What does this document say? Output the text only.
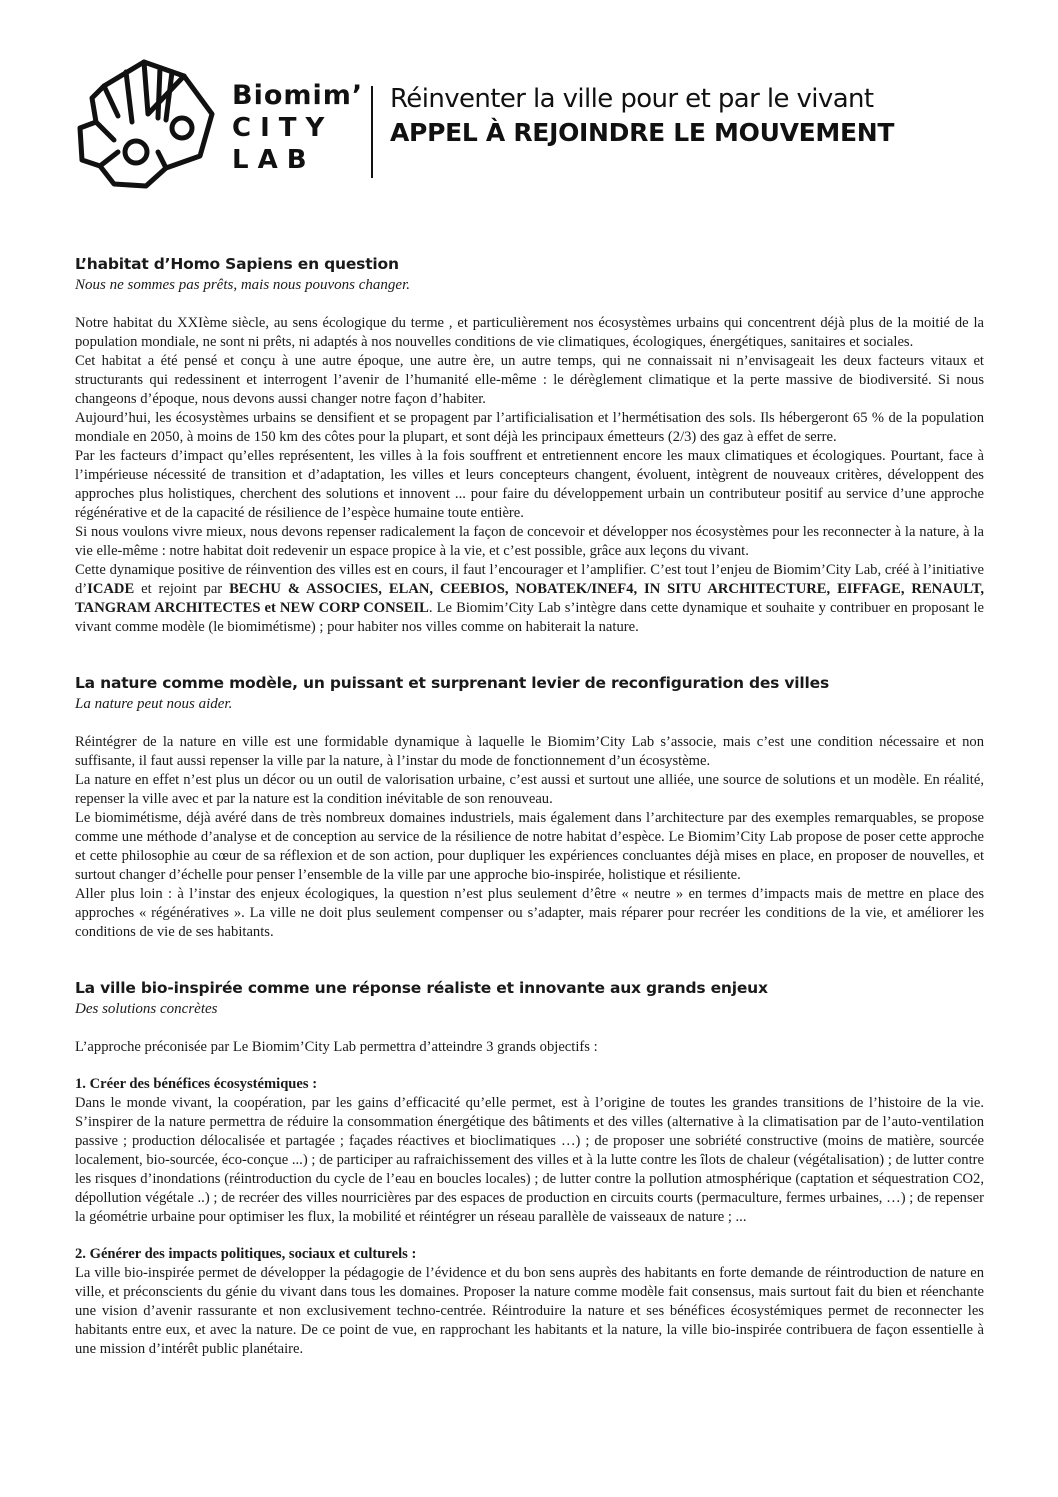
Biomim’
CITY
LAB
Réinventer la ville pour et par le vivant
APPEL À REJOINDRE LE MOUVEMENT
L’habitat d’Homo Sapiens en question

Nous ne sommes pas prêts, mais nous pouvons changer.

Notre habitat du XXIème siècle, au sens écologique du terme , et particulièrement nos écosystèmes urbains qui concentrent déjà plus de la moitié de la population mondiale, ne sont ni prêts, ni adaptés à nos nouvelles conditions de vie climatiques, écologiques, énergétiques, sanitaires et sociales.

Cet habitat a été pensé et conçu à une autre époque, une autre ère, un autre temps, qui ne connaissait ni n’envisageait les deux facteurs vitaux et structurants qui redessinent et interrogent l’avenir de l’humanité elle-même : le dérèglement climatique et la perte massive de biodiversité. Si nous changeons d’époque, nous devons aussi changer notre façon d’habiter.

Aujourd’hui, les écosystèmes urbains se densifient et se propagent par l’artificialisation et l’hermétisation des sols. Ils hébergeront 65 % de la population mondiale en 2050, à moins de 150 km des côtes pour la plupart, et sont déjà les principaux émetteurs (2/3) des gaz à effet de serre.

Par les facteurs d’impact qu’elles représentent, les villes à la fois souffrent et entretiennent encore les maux climatiques et écologiques. Pourtant, face à l’impérieuse nécessité de transition et d’adaptation, les villes et leurs concepteurs changent, évoluent, intègrent de nouveaux critères, développent des approches plus holistiques, cherchent des solutions et innovent ... pour faire du développement urbain un contributeur positif au service d’une approche régénérative et de la capacité de résilience de l’espèce humaine toute entière.

Si nous voulons vivre mieux, nous devons repenser radicalement la façon de concevoir et développer nos écosystèmes pour les reconnecter à la nature, à la vie elle-même : notre habitat doit redevenir un espace propice à la vie, et c’est possible, grâce aux leçons du vivant.

Cette dynamique positive de réinvention des villes est en cours, il faut l’encourager et l’amplifier. C’est tout l’enjeu de Biomim’City Lab, créé à l’initiative d’ICADE et rejoint par BECHU & ASSOCIES, ELAN, CEEBIOS, NOBATEK/INEF4, IN SITU ARCHITECTURE, EIFFAGE, RENAULT, TANGRAM ARCHITECTES et NEW CORP CONSEIL. Le Biomim’City Lab s’intègre dans cette dynamique et souhaite y contribuer en proposant le vivant comme modèle (le biomimétisme) ; pour habiter nos villes comme on habiterait la nature.

La nature comme modèle, un puissant et surprenant levier de reconfiguration des villes

La nature peut nous aider.

Réintégrer de la nature en ville est une formidable dynamique à laquelle le Biomim’City Lab s’associe, mais c’est une condition nécessaire et non suffisante, il faut aussi repenser la ville par la nature, à l’instar du mode de fonctionnement d’un écosystème.

La nature en effet n’est plus un décor ou un outil de valorisation urbaine, c’est aussi et surtout une alliée, une source de solutions et un modèle. En réalité, repenser la ville avec et par la nature est la condition inévitable de son renouveau.

Le biomimétisme, déjà avéré dans de très nombreux domaines industriels, mais également dans l’architecture par des exemples remarquables, se propose comme une méthode d’analyse et de conception au service de la résilience de notre habitat d’espèce. Le Biomim’City Lab propose de poser cette approche et cette philosophie au cœur de sa réflexion et de son action, pour dupliquer les expériences concluantes déjà mises en place, en proposer de nouvelles, et surtout changer d’échelle pour penser l’ensemble de la ville par une approche bio-inspirée, holistique et résiliente.

Aller plus loin : à l’instar des enjeux écologiques, la question n’est plus seulement d’être « neutre » en termes d’impacts mais de mettre en place des approches « régénératives ». La ville ne doit plus seulement compenser ou s’adapter, mais réparer pour recréer les conditions de la vie, et améliorer les conditions de vie de ses habitants.

La ville bio-inspirée comme une réponse réaliste et innovante aux grands enjeux

Des solutions concrètes

L’approche préconisée par Le Biomim’City Lab permettra d’atteindre 3 grands objectifs :

1. Créer des bénéfices écosystémiques :

Dans le monde vivant, la coopération, par les gains d’efficacité qu’elle permet, est à l’origine de toutes les grandes transitions de l’histoire de la vie. S’inspirer de la nature permettra de réduire la consommation énergétique des bâtiments et des villes (alternative à la climatisation par de l’auto-ventilation passive ; production délocalisée et partagée ; façades réactives et bioclimatiques …) ; de proposer une sobriété constructive (moins de matière, sourcée localement, bio-sourcée, éco-conçue ...) ; de participer au rafraichissement des villes et à la lutte contre les îlots de chaleur (végétalisation) ; de lutter contre les risques d’inondations (réintroduction du cycle de l’eau en boucles locales) ; de lutter contre la pollution atmosphérique (captation et séquestration CO2, dépollution végétale ..) ; de recréer des villes nourricières par des espaces de production en circuits courts (permaculture, fermes urbaines, …) ; de repenser la géométrie urbaine pour optimiser les flux, la mobilité et réintégrer un réseau parallèle de vaisseaux de nature ; ...

2. Générer des impacts politiques, sociaux et culturels :

La ville bio-inspirée permet de développer la pédagogie de l’évidence et du bon sens auprès des habitants en forte demande de réintroduction de nature en ville, et préconscients du génie du vivant dans tous les domaines. Proposer la nature comme modèle fait consensus, mais surtout fait du bien et réenchante une vision d’avenir rassurante et non exclusivement techno-centrée. Réintroduire la nature et ses bénéfices écosystémiques permet de reconnecter les habitants entre eux, et avec la nature. De ce point de vue, en rapprochant les habitants et la nature, la ville bio-inspirée contribuera de façon essentielle à une mission d’intérêt public planétaire.
